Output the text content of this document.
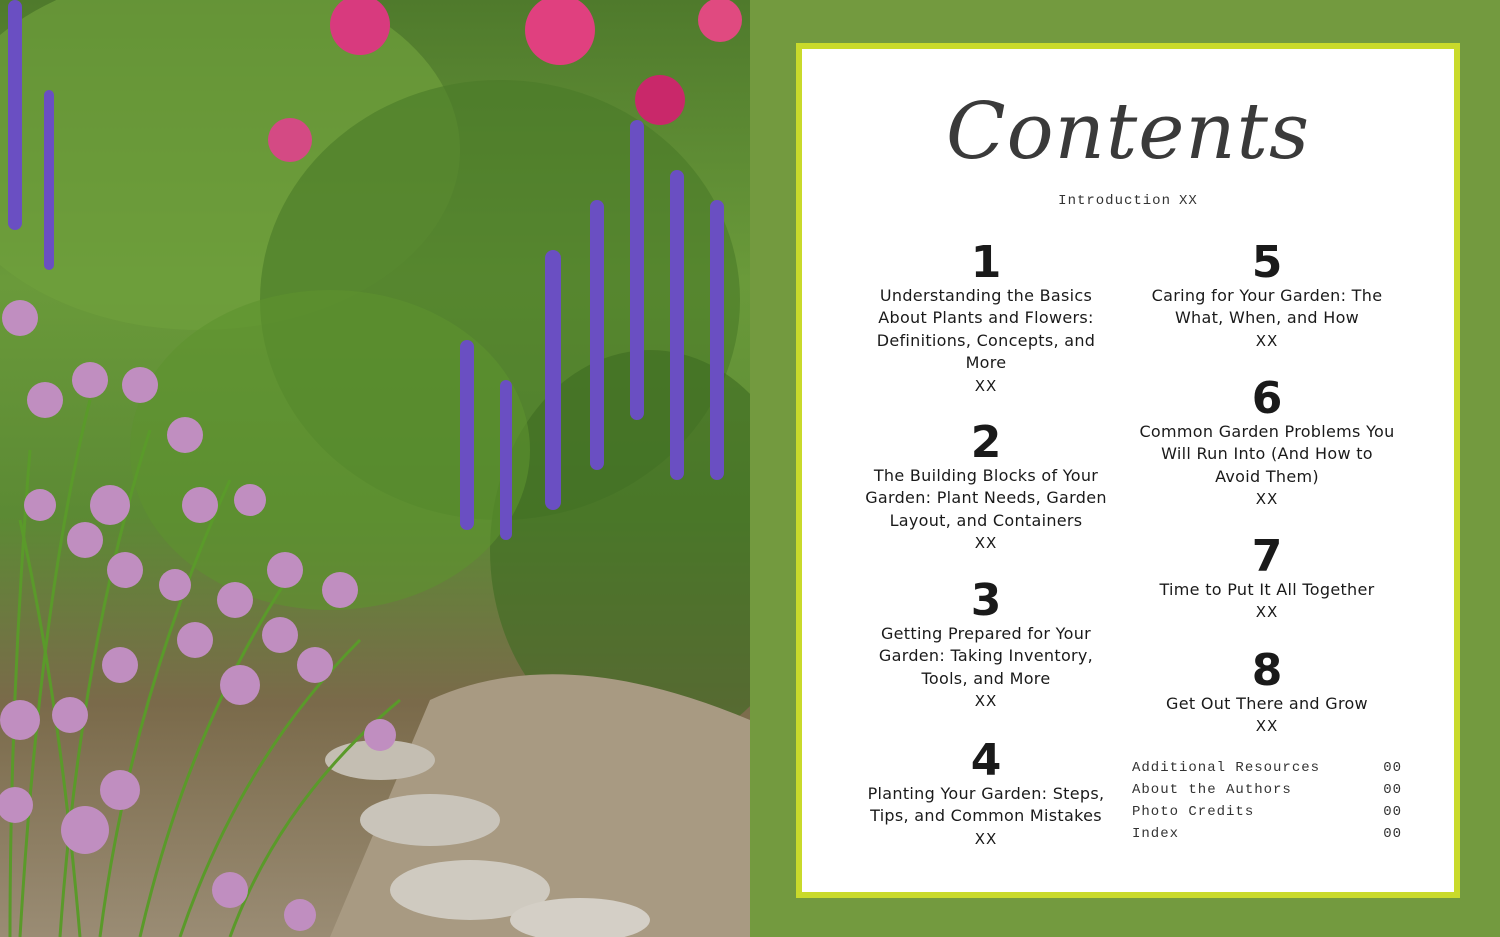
Contents
Introduction XX
1
Understanding the Basics About Plants and Flowers: Definitions, Concepts, and More
XX
2
The Building Blocks of Your Garden: Plant Needs, Garden Layout, and Containers
XX
3
Getting Prepared for Your Garden: Taking Inventory, Tools, and More
XX
4
Planting Your Garden: Steps, Tips, and Common Mistakes
XX
5
Caring for Your Garden: The What, When, and How
XX
6
Common Garden Problems You Will Run Into (And How to Avoid Them)
XX
7
Time to Put It All Together
XX
8
Get Out There and Grow
XX
Additional Resources	00
About the Authors	00
Photo Credits	00
Index	00
